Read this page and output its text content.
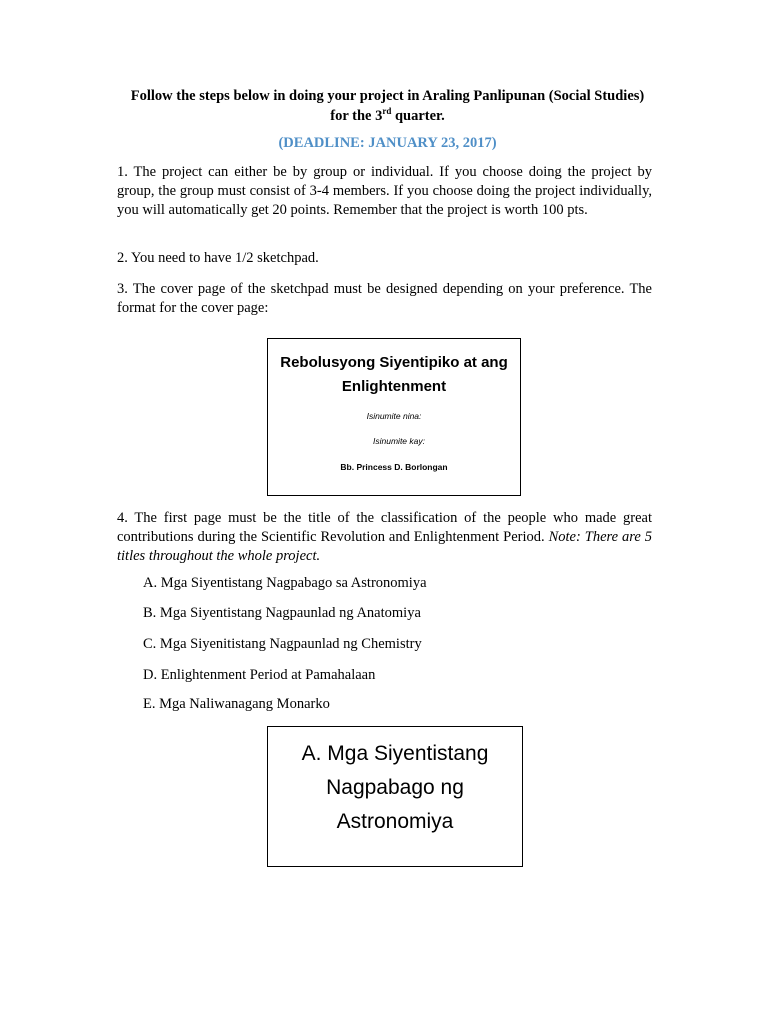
Follow the steps below in doing your project in Araling Panlipunan (Social Studies)
for the 3rd quarter.
(DEADLINE: JANUARY 23, 2017)
1. The project can either be by group or individual. If you choose doing the project by group, the group must consist of 3-4 members. If you choose doing the project individually, you will automatically get 20 points. Remember that the project is worth 100 pts.
2. You need to have 1/2 sketchpad.
3. The cover page of the sketchpad must be designed depending on your preference. The format for the cover page:
Rebolusyong Siyentipiko at ang
Enlightenment
Isinumite nina:
Isinumite kay:
Bb. Princess D. Borlongan
4. The first page must be the title of the classification of the people who made great contributions during the Scientific Revolution and Enlightenment Period. Note: There are 5 titles throughout the whole project.
A. Mga Siyentistang Nagpabago sa Astronomiya
B. Mga Siyentistang Nagpaunlad ng Anatomiya
C. Mga Siyenitistang Nagpaunlad ng Chemistry
D. Enlightenment Period at Pamahalaan
E. Mga Naliwanagang Monarko
A. Mga Siyentistang
Nagpabago ng
Astronomiya
